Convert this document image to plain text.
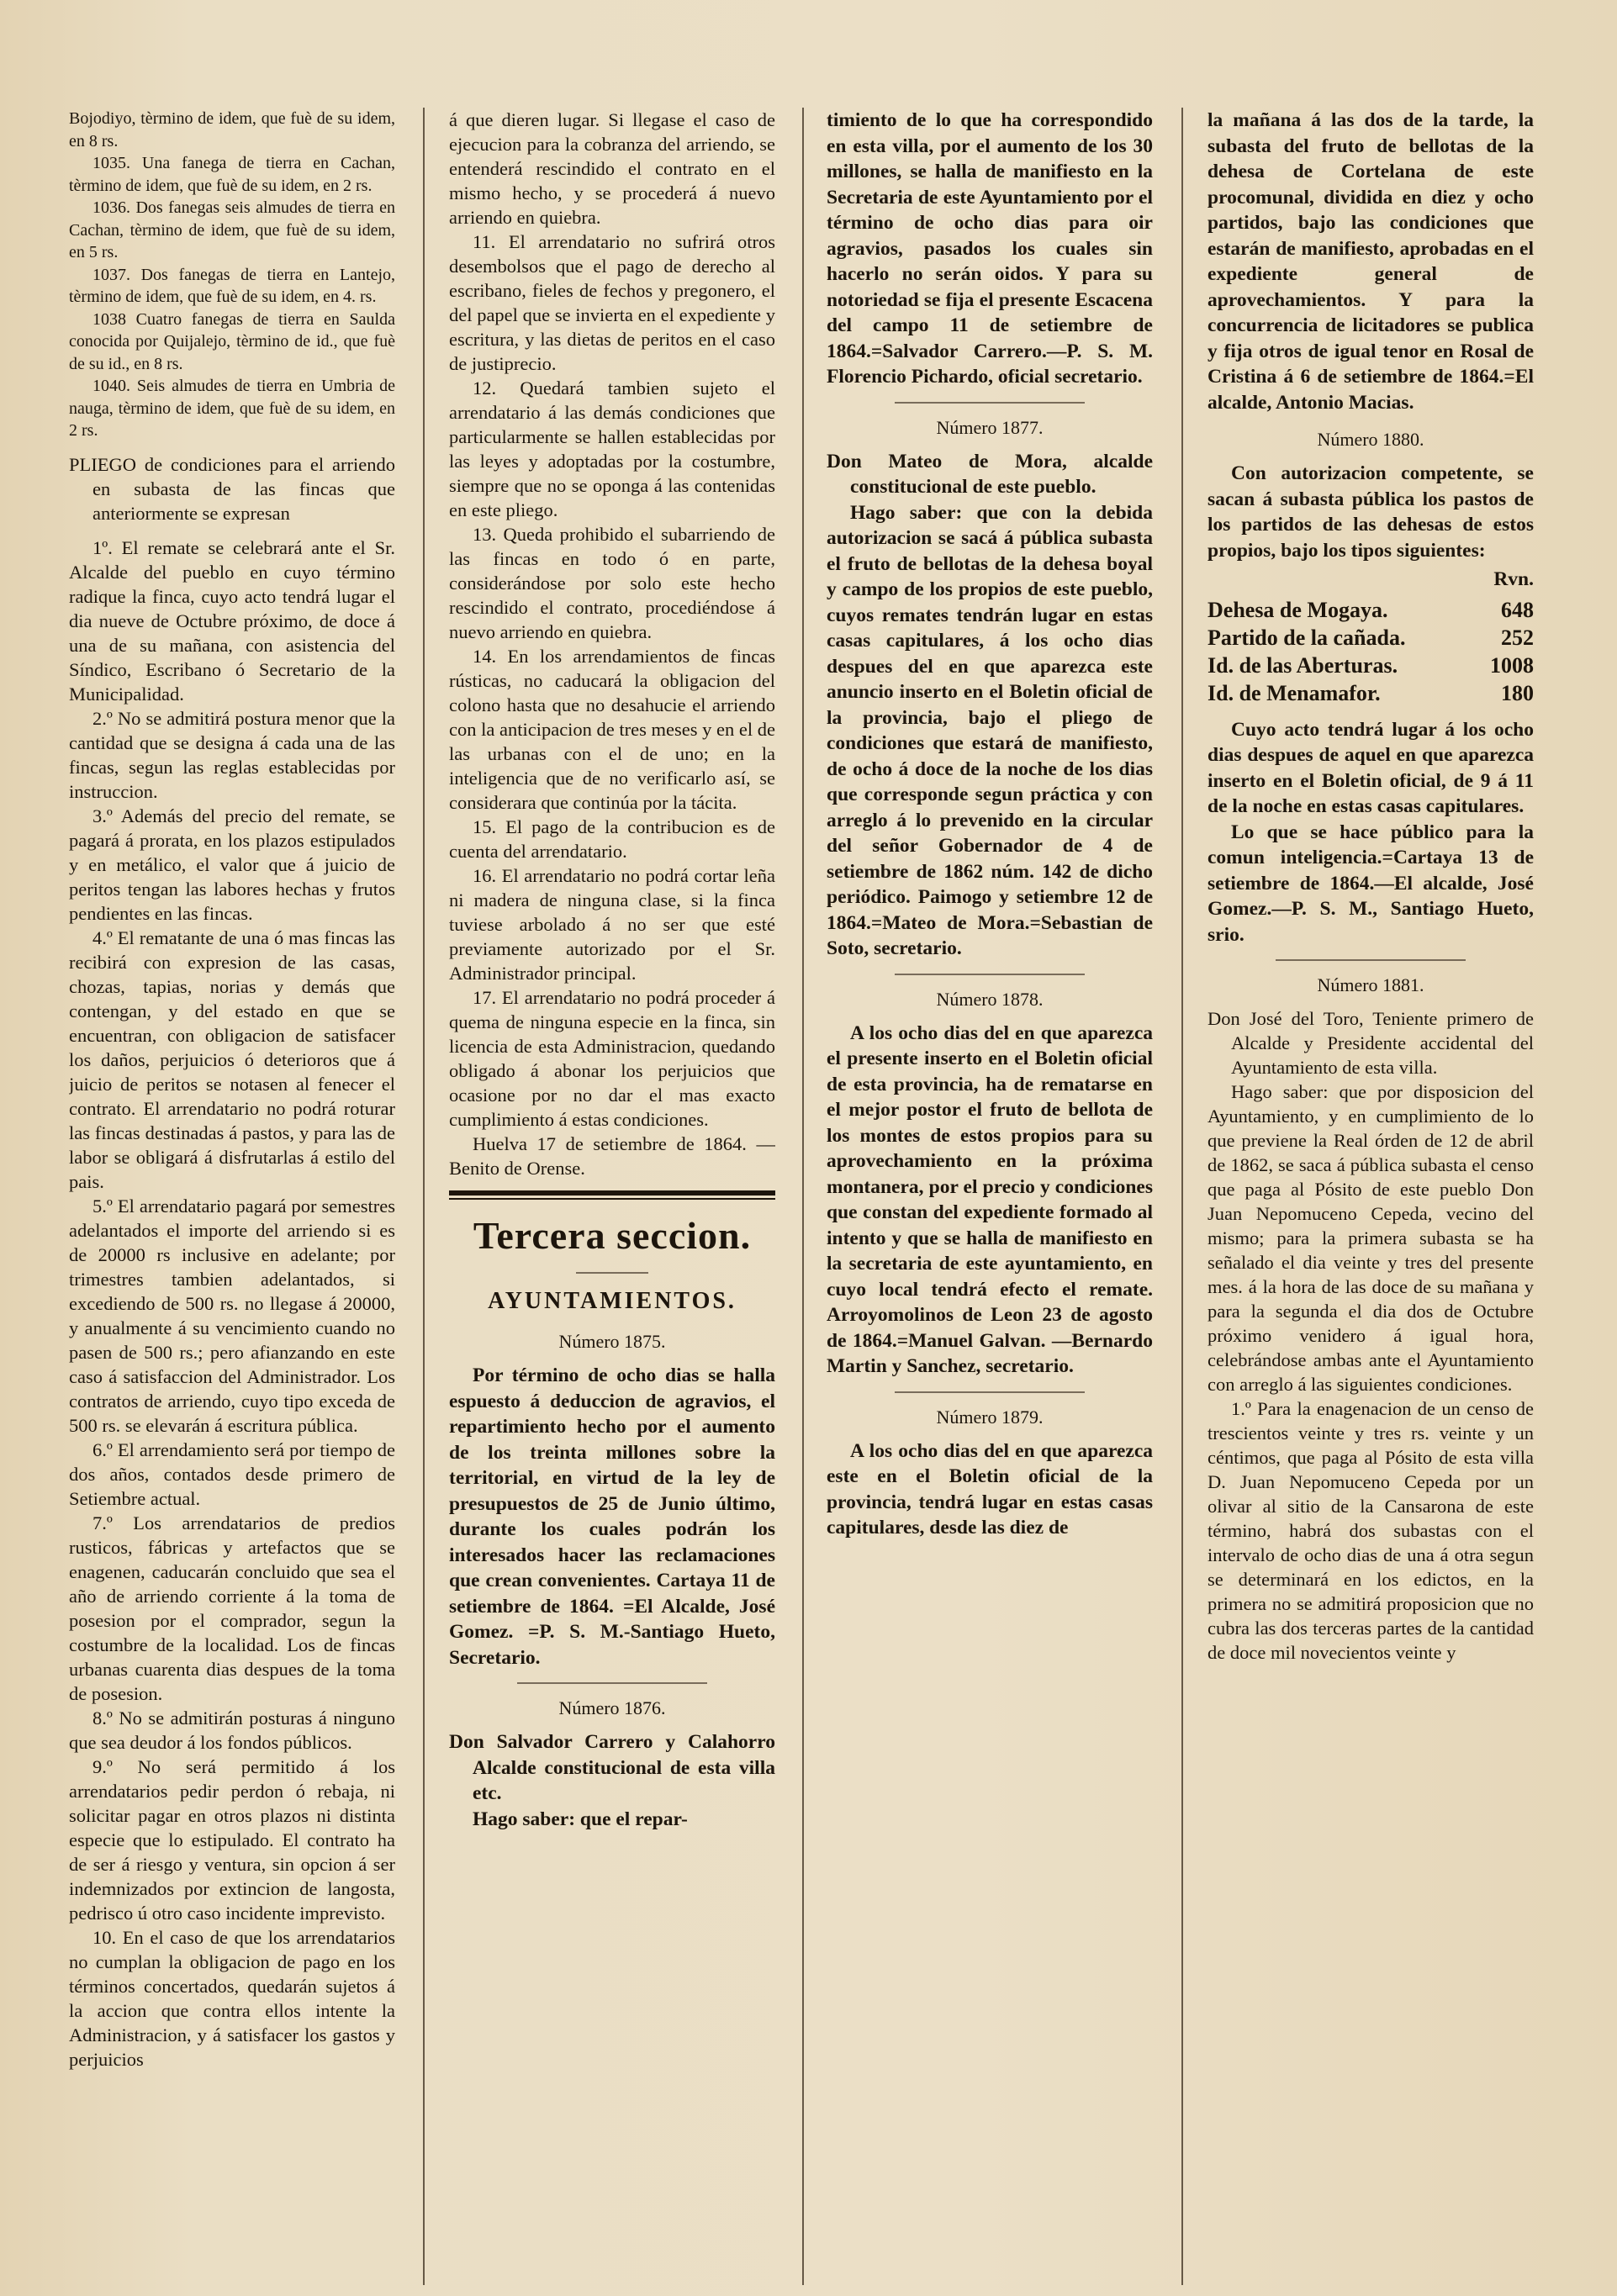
Bojodiyo, tèrmino de idem, que fuè de su idem, en 8 rs.

1035. Una fanega de tierra en Cachan, tèrmino de idem, que fuè de su idem, en 2 rs.

1036. Dos fanegas seis almudes de tierra en Cachan, tèrmino de idem, que fuè de su idem, en 5 rs.

1037. Dos fanegas de tierra en Lantejo, tèrmino de idem, que fuè de su idem, en 4. rs.

1038 Cuatro fanegas de tierra en Saulda conocida por Quijalejo, tèrmino de id., que fuè de su id., en 8 rs.

1040. Seis almudes de tierra en Umbria de nauga, tèrmino de idem, que fuè de su idem, en 2 rs.

PLIEGO de condiciones para el arriendo en subasta de las fincas que anteriormente se expresan

1º. El remate se celebrará ante el Sr. Alcalde del pueblo en cuyo término radique la finca, cuyo acto tendrá lugar el dia nueve de Octubre próximo, de doce á una de su mañana, con asistencia del Síndico, Escribano ó Secretario de la Municipalidad.

2.º No se admitirá postura menor que la cantidad que se designa á cada una de las fincas, segun las reglas establecidas por instruccion.

3.º Además del precio del remate, se pagará á prorata, en los plazos estipulados y en metálico, el valor que á juicio de peritos tengan las labores hechas y frutos pendientes en las fincas.

4.º El rematante de una ó mas fincas las recibirá con expresion de las casas, chozas, tapias, norias y demás que contengan, y del estado en que se encuentran, con obligacion de satisfacer los daños, perjuicios ó deterioros que á juicio de peritos se notasen al fenecer el contrato. El arrendatario no podrá roturar las fincas destinadas á pastos, y para las de labor se obligará á disfrutarlas á estilo del pais.

5.º El arrendatario pagará por semestres adelantados el importe del arriendo si es de 20000 rs inclusive en adelante; por trimestres tambien adelantados, si excediendo de 500 rs. no llegase á 20000, y anualmente á su vencimiento cuando no pasen de 500 rs.; pero afianzando en este caso á satisfaccion del Administrador. Los contratos de arriendo, cuyo tipo exceda de 500 rs. se elevarán á escritura pública.

6.º El arrendamiento será por tiempo de dos años, contados desde primero de Setiembre actual.

7.º Los arrendatarios de predios rusticos, fábricas y artefactos que se enagenen, caducarán concluido que sea el año de arriendo corriente á la toma de posesion por el comprador, segun la costumbre de la localidad. Los de fincas urbanas cuarenta dias despues de la toma de posesion.

8.º No se admitirán posturas á ninguno que sea deudor á los fondos públicos.

9.º No será permitido á los arrendatarios pedir perdon ó rebaja, ni solicitar pagar en otros plazos ni distinta especie que lo estipulado. El contrato ha de ser á riesgo y ventura, sin opcion á ser indemnizados por extincion de langosta, pedrisco ú otro caso incidente imprevisto.

10. En el caso de que los arrendatarios no cumplan la obligacion de pago en los términos concertados, quedarán sujetos á la accion que contra ellos intente la Administracion, y á satisfacer los gastos y perjuicios

á que dieren lugar. Si llegase el caso de ejecucion para la cobranza del arriendo, se entenderá rescindido el contrato en el mismo hecho, y se procederá á nuevo arriendo en quiebra.

11. El arrendatario no sufrirá otros desembolsos que el pago de derecho al escribano, fieles de fechos y pregonero, el del papel que se invierta en el expediente y escritura, y las dietas de peritos en el caso de justiprecio.

12. Quedará tambien sujeto el arrendatario á las demás condiciones que particularmente se hallen establecidas por las leyes y adoptadas por la costumbre, siempre que no se oponga á las contenidas en este pliego.

13. Queda prohibido el subarriendo de las fincas en todo ó en parte, considerándose por solo este hecho rescindido el contrato, procediéndose á nuevo arriendo en quiebra.

14. En los arrendamientos de fincas rústicas, no caducará la obligacion del colono hasta que no desahucie el arriendo con la anticipacion de tres meses y en el de las urbanas con el de uno; en la inteligencia que de no verificarlo así, se considerara que continúa por la tácita.

15. El pago de la contribucion es de cuenta del arrendatario.

16. El arrendatario no podrá cortar leña ni madera de ninguna clase, si la finca tuviese arbolado á no ser que esté previamente autorizado por el Sr. Administrador principal.

17. El arrendatario no podrá proceder á quema de ninguna especie en la finca, sin licencia de esta Administracion, quedando obligado á abonar los perjuicios que ocasione por no dar el mas exacto cumplimiento á estas condiciones.

Huelva 17 de setiembre de 1864. —Benito de Orense.

Tercera seccion.
AYUNTAMIENTOS.
Número 1875.

Por término de ocho dias se halla espuesto á deduccion de agravios, el repartimiento hecho por el aumento de los treinta millones sobre la territorial, en virtud de la ley de presupuestos de 25 de Junio último, durante los cuales podrán los interesados hacer las reclamaciones que crean convenientes. Cartaya 11 de setiembre de 1864. =El Alcalde, José Gomez. =P. S. M.-Santiago Hueto, Secretario.

Número 1876.

Don Salvador Carrero y Calahorro Alcalde constitucional de esta villa etc.

Hago saber: que el repar-

timiento de lo que ha correspondido en esta villa, por el aumento de los 30 millones, se halla de manifiesto en la Secretaria de este Ayuntamiento por el término de ocho dias para oir agravios, pasados los cuales sin hacerlo no serán oidos. Y para su notoriedad se fija el presente Escacena del campo 11 de setiembre de 1864.=Salvador Carrero.—P. S. M. Florencio Pichardo, oficial secretario.

Número 1877.

Don Mateo de Mora, alcalde constitucional de este pueblo.

Hago saber: que con la debida autorizacion se sacá á pública subasta el fruto de bellotas de la dehesa boyal y campo de los propios de este pueblo, cuyos remates tendrán lugar en estas casas capitulares, á los ocho dias despues del en que aparezca este anuncio inserto en el Boletin oficial de la provincia, bajo el pliego de condiciones que estará de manifiesto, de ocho á doce de la noche de los dias que corresponde segun práctica y con arreglo á lo prevenido en la circular del señor Gobernador de 4 de setiembre de 1862 núm. 142 de dicho periódico. Paimogo y setiembre 12 de 1864.=Mateo de Mora.=Sebastian de Soto, secretario.

Número 1878.

A los ocho dias del en que aparezca el presente inserto en el Boletin oficial de esta provincia, ha de rematarse en el mejor postor el fruto de bellota de los montes de estos propios para su aprovechamiento en la próxima montanera, por el precio y condiciones que constan del expediente formado al intento y que se halla de manifiesto en la secretaria de este ayuntamiento, en cuyo local tendrá efecto el remate. Arroyomolinos de Leon 23 de agosto de 1864.=Manuel Galvan. —Bernardo Martin y Sanchez, secretario.

Número 1879.

A los ocho dias del en que aparezca este en el Boletin oficial de la provincia, tendrá lugar en estas casas capitulares, desde las diez de

la mañana á las dos de la tarde, la subasta del fruto de bellotas de la dehesa de Cortelana de este procomunal, dividida en diez y ocho partidos, bajo las condiciones que estarán de manifiesto, aprobadas en el expediente general de aprovechamientos. Y para la concurrencia de licitadores se publica y fija otros de igual tenor en Rosal de Cristina á 6 de setiembre de 1864.=El alcalde, Antonio Macias.

Número 1880.

Con autorizacion competente, se sacan á subasta pública los pastos de los partidos de las dehesas de estos propios, bajo los tipos siguientes:

Rvn.

Dehesa de Mogaya.	648
Partido de la cañada.	252
Id. de las Aberturas.	1008
Id. de Menamafor.	180

Cuyo acto tendrá lugar á los ocho dias despues de aquel en que aparezca inserto en el Boletin oficial, de 9 á 11 de la noche en estas casas capitulares.

Lo que se hace público para la comun inteligencia.=Cartaya 13 de setiembre de 1864.—El alcalde, José Gomez.—P. S. M., Santiago Hueto, srio.

Número 1881.

Don José del Toro, Teniente primero de Alcalde y Presidente accidental del Ayuntamiento de esta villa.

Hago saber: que por disposicion del Ayuntamiento, y en cumplimiento de lo que previene la Real órden de 12 de abril de 1862, se saca á pública subasta el censo que paga al Pósito de este pueblo Don Juan Nepomuceno Cepeda, vecino del mismo; para la primera subasta se ha señalado el dia veinte y tres del presente mes. á la hora de las doce de su mañana y para la segunda el dia dos de Octubre próximo venidero á igual hora, celebrándose ambas ante el Ayuntamiento con arreglo á las siguientes condiciones.

1.º Para la enagenacion de un censo de trescientos veinte y tres rs. veinte y un céntimos, que paga al Pósito de esta villa D. Juan Nepomuceno Cepeda por un olivar al sitio de la Cansarona de este término, habrá dos subastas con el intervalo de ocho dias de una á otra segun se determinará en los edictos, en la primera no se admitirá proposicion que no cubra las dos terceras partes de la cantidad de doce mil novecientos veinte y
